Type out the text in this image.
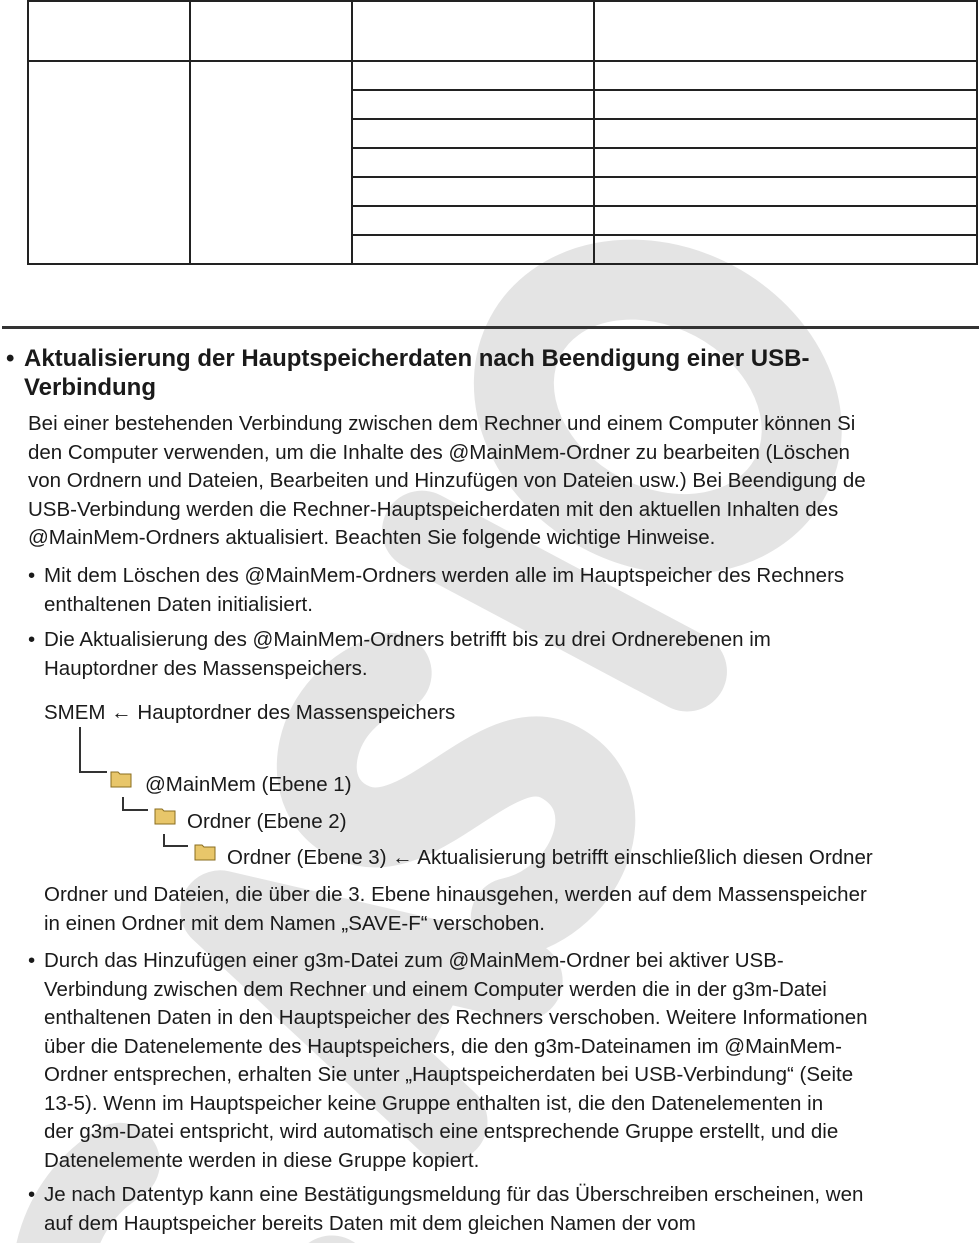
• Aktualisierung der Hauptspeicherdaten nach Beendigung einer USB-
Verbindung
Bei einer bestehenden Verbindung zwischen dem Rechner und einem Computer können Si
den Computer verwenden, um die Inhalte des @MainMem-Ordner zu bearbeiten (Löschen
von Ordnern und Dateien, Bearbeiten und Hinzufügen von Dateien usw.) Bei Beendigung de
USB-Verbindung werden die Rechner-Hauptspeicherdaten mit den aktuellen Inhalten des
@MainMem-Ordners aktualisiert. Beachten Sie folgende wichtige Hinweise.
• Mit dem Löschen des @MainMem-Ordners werden alle im Hauptspeicher des Rechners
enthaltenen Daten initialisiert.
• Die Aktualisierung des @MainMem-Ordners betrifft bis zu drei Ordnerebenen im
Hauptordner des Massenspeichers.
SMEM ← Hauptordner des Massenspeichers
@MainMem (Ebene 1)
Ordner (Ebene 2)
Ordner (Ebene 3) ← Aktualisierung betrifft einschließlich diesen Ordner
Ordner und Dateien, die über die 3. Ebene hinausgehen, werden auf dem Massenspeicher
in einen Ordner mit dem Namen „SAVE-F“ verschoben.
• Durch das Hinzufügen einer g3m-Datei zum @MainMem-Ordner bei aktiver USB-
Verbindung zwischen dem Rechner und einem Computer werden die in der g3m-Datei
enthaltenen Daten in den Hauptspeicher des Rechners verschoben. Weitere Informationen
über die Datenelemente des Hauptspeichers, die den g3m-Dateinamen im @MainMem-
Ordner entsprechen, erhalten Sie unter „Hauptspeicherdaten bei USB-Verbindung“ (Seite
13-5). Wenn im Hauptspeicher keine Gruppe enthalten ist, die den Datenelementen in
der g3m-Datei entspricht, wird automatisch eine entsprechende Gruppe erstellt, und die
Datenelemente werden in diese Gruppe kopiert.
• Je nach Datentyp kann eine Bestätigungsmeldung für das Überschreiben erscheinen, wen
auf dem Hauptspeicher bereits Daten mit dem gleichen Namen der vom
